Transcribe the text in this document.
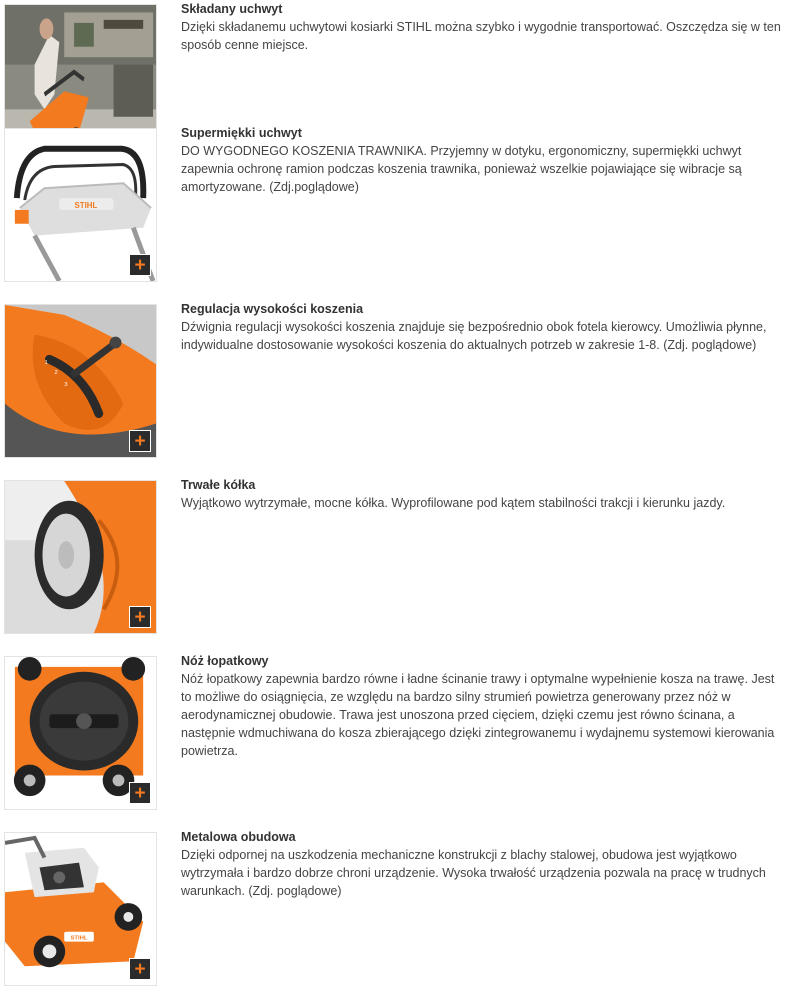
Składany uchwyt
Dzięki składanemu uchwytowi kosiarki STIHL można szybko i wygodnie transportować. Oszczędza się w ten sposób cenne miejsce.
STIHL
+
Supermiękki uchwyt
DO WYGODNEGO KOSZENIA TRAWNIKA. Przyjemny w dotyku, ergonomiczny, supermiękki uchwyt zapewnia ochronę ramion podczas koszenia trawnika, ponieważ wszelkie pojawiające się wibracje są amortyzowane. (Zdj.poglądowe)
1
2
3
+
Regulacja wysokości koszenia
Dźwignia regulacji wysokości koszenia znajduje się bezpośrednio obok fotela kierowcy. Umożliwia płynne, indywidualne dostosowanie wysokości koszenia do aktualnych potrzeb w zakresie 1-8. (Zdj. poglądowe)
+
Trwałe kółka
Wyjątkowo wytrzymałe, mocne kółka. Wyprofilowane pod kątem stabilności trakcji i kierunku jazdy.
+
Nóż łopatkowy
Nóż łopatkowy zapewnia bardzo równe i ładne ścinanie trawy i optymalne wypełnienie kosza na trawę. Jest to możliwe do osiągnięcia, ze względu na bardzo silny strumień powietrza generowany przez nóż w aerodynamicznej obudowie. Trawa jest unoszona przed cięciem, dzięki czemu jest równo ścinana, a następnie wdmuchiwana do kosza zbierającego dzięki zintegrowanemu i wydajnemu systemowi kierowania powietrza.
STIHL
+
Metalowa obudowa
Dzięki odpornej na uszkodzenia mechaniczne konstrukcji z blachy stalowej, obudowa jest wyjątkowo wytrzymała i bardzo dobrze chroni urządzenie. Wysoka trwałość urządzenia pozwala na pracę w trudnych warunkach. (Zdj. poglądowe)
